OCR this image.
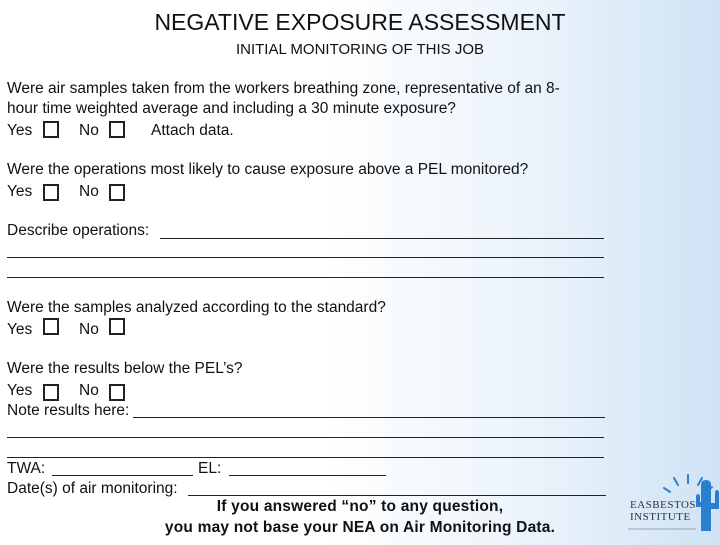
NEGATIVE EXPOSURE ASSESSMENT
INITIAL MONITORING OF THIS JOB
Were air samples taken from the workers breathing zone, representative of an 8-
hour time weighted average and including a 30 minute exposure?
Yes	No	Attach data.
Were the operations most likely to cause exposure above a PEL monitored?
Yes	No
Describe operations:
Were the samples analyzed according to the standard?
Yes	No
Were the results below the PEL’s?
Yes	No
Note results here:
TWA:	EL:
Date(s) of air monitoring:
If you answered “no” to any question,
you may not base your NEA on Air Monitoring Data.
EASBESTOS
INSTITUTE
